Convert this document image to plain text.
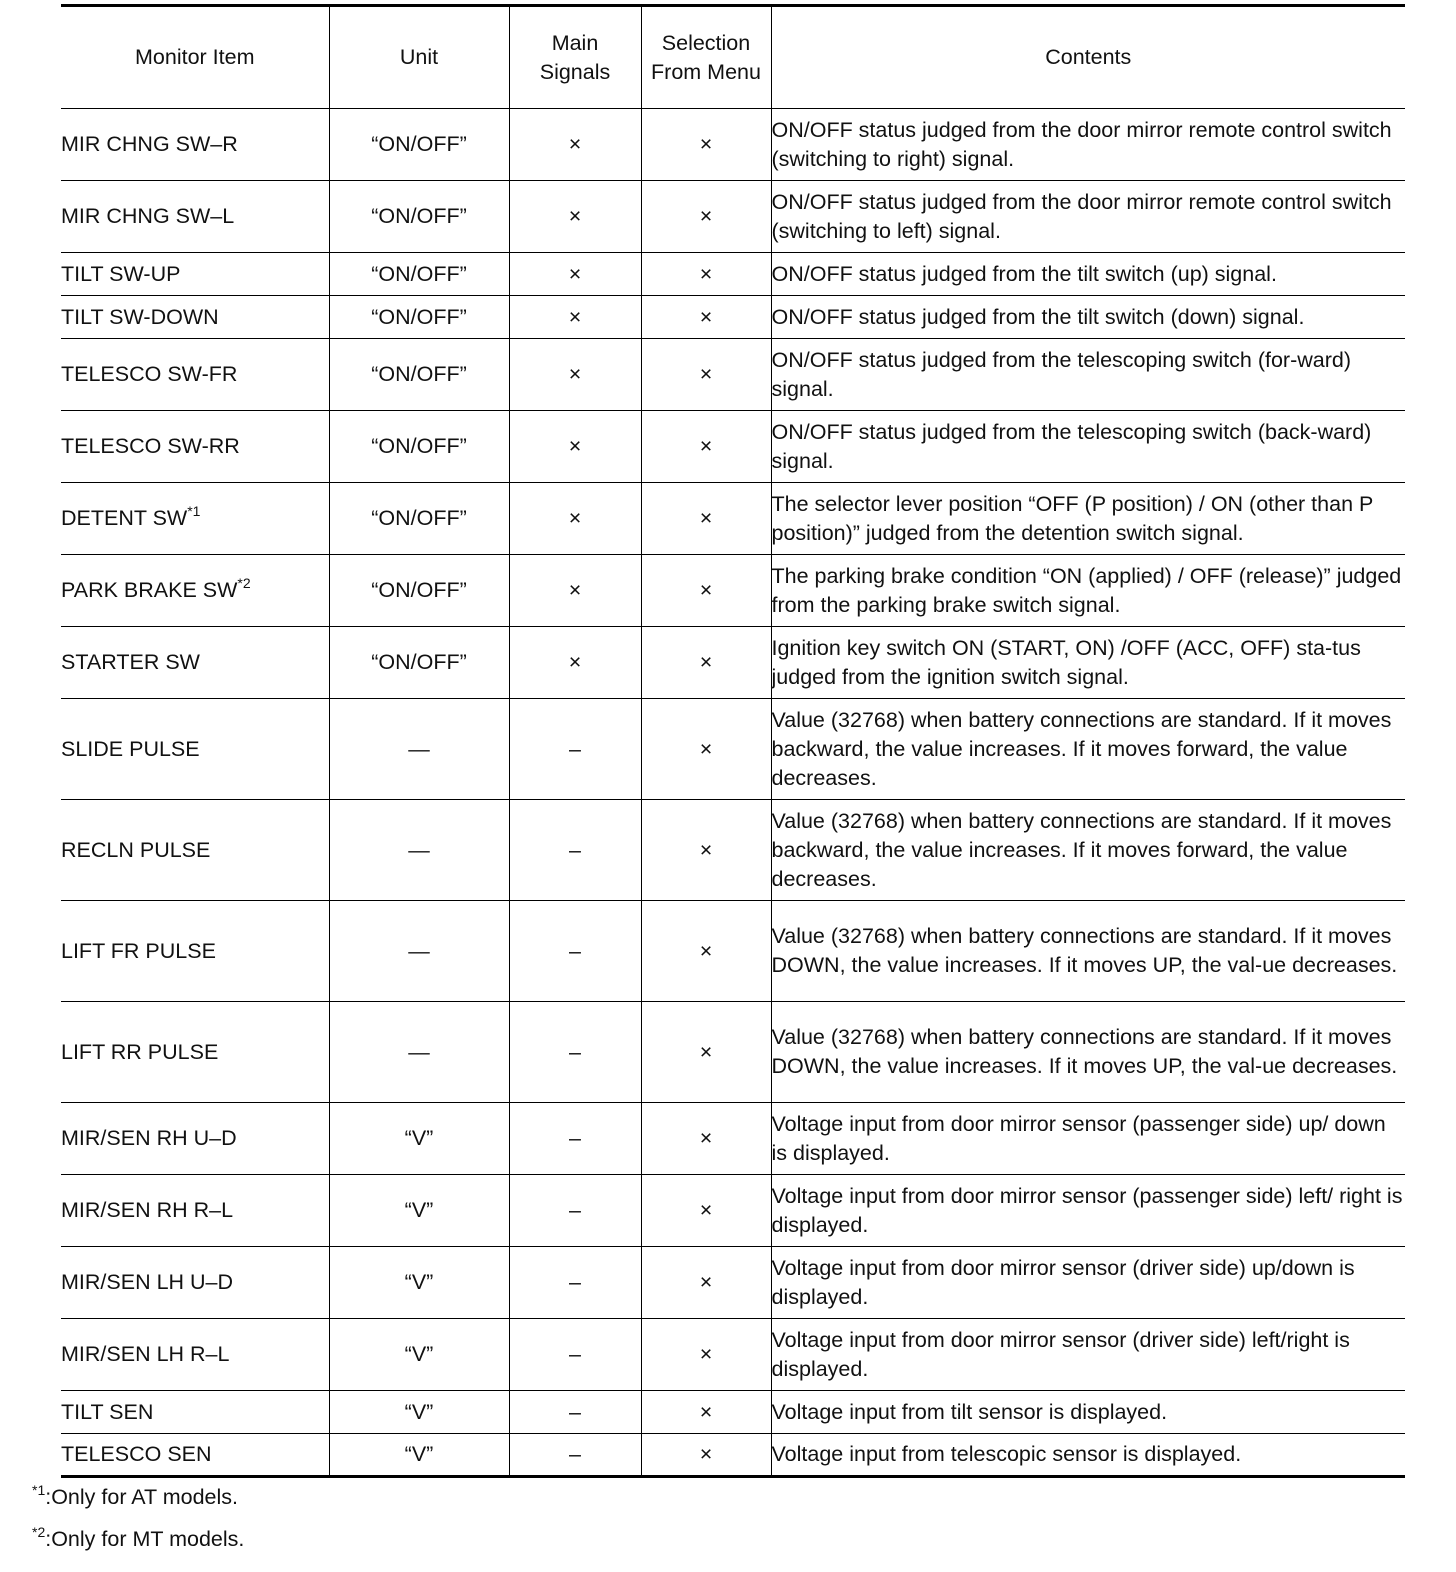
Monitor Item	Unit	Main Signals	Selection From Menu	Contents
MIR CHNG SW–R	“ON/OFF”	×	×	ON/OFF status judged from the door mirror remote control switch (switching to right) signal.
MIR CHNG SW–L	“ON/OFF”	×	×	ON/OFF status judged from the door mirror remote control switch (switching to left) signal.
TILT SW-UP	“ON/OFF”	×	×	ON/OFF status judged from the tilt switch (up) signal.
TILT SW-DOWN	“ON/OFF”	×	×	ON/OFF status judged from the tilt switch (down) signal.
TELESCO SW-FR	“ON/OFF”	×	×	ON/OFF status judged from the telescoping switch (for-ward) signal.
TELESCO SW-RR	“ON/OFF”	×	×	ON/OFF status judged from the telescoping switch (back-ward) signal.
DETENT SW$^{*1}$	“ON/OFF”	×	×	The selector lever position “OFF (P position) / ON (other than P position)” judged from the detention switch signal.
PARK BRAKE SW$^{*2}$	“ON/OFF”	×	×	The parking brake condition “ON (applied) / OFF (release)” judged from the parking brake switch signal.
STARTER SW	“ON/OFF”	×	×	Ignition key switch ON (START, ON) /OFF (ACC, OFF) sta-tus judged from the ignition switch signal.
SLIDE PULSE	—	–	×	Value (32768) when battery connections are standard. If it moves backward, the value increases. If it moves forward, the value decreases.
RECLN PULSE	—	–	×	Value (32768) when battery connections are standard. If it moves backward, the value increases. If it moves forward, the value decreases.
LIFT FR PULSE	—	–	×	Value (32768) when battery connections are standard. If it moves DOWN, the value increases. If it moves UP, the val-ue decreases.
LIFT RR PULSE	—	–	×	Value (32768) when battery connections are standard. If it moves DOWN, the value increases. If it moves UP, the val-ue decreases.
MIR/SEN RH U–D	“V”	–	×	Voltage input from door mirror sensor (passenger side) up/ down is displayed.
MIR/SEN RH R–L	“V”	–	×	Voltage input from door mirror sensor (passenger side) left/ right is displayed.
MIR/SEN LH U–D	“V”	–	×	Voltage input from door mirror sensor (driver side) up/down is displayed.
MIR/SEN LH R–L	“V”	–	×	Voltage input from door mirror sensor (driver side) left/right is displayed.
TILT SEN	“V”	–	×	Voltage input from tilt sensor is displayed.
TELESCO SEN	“V”	–	×	Voltage input from telescopic sensor is displayed.
$^{*1}$:Only for AT models.
$^{*2}$:Only for MT models.
